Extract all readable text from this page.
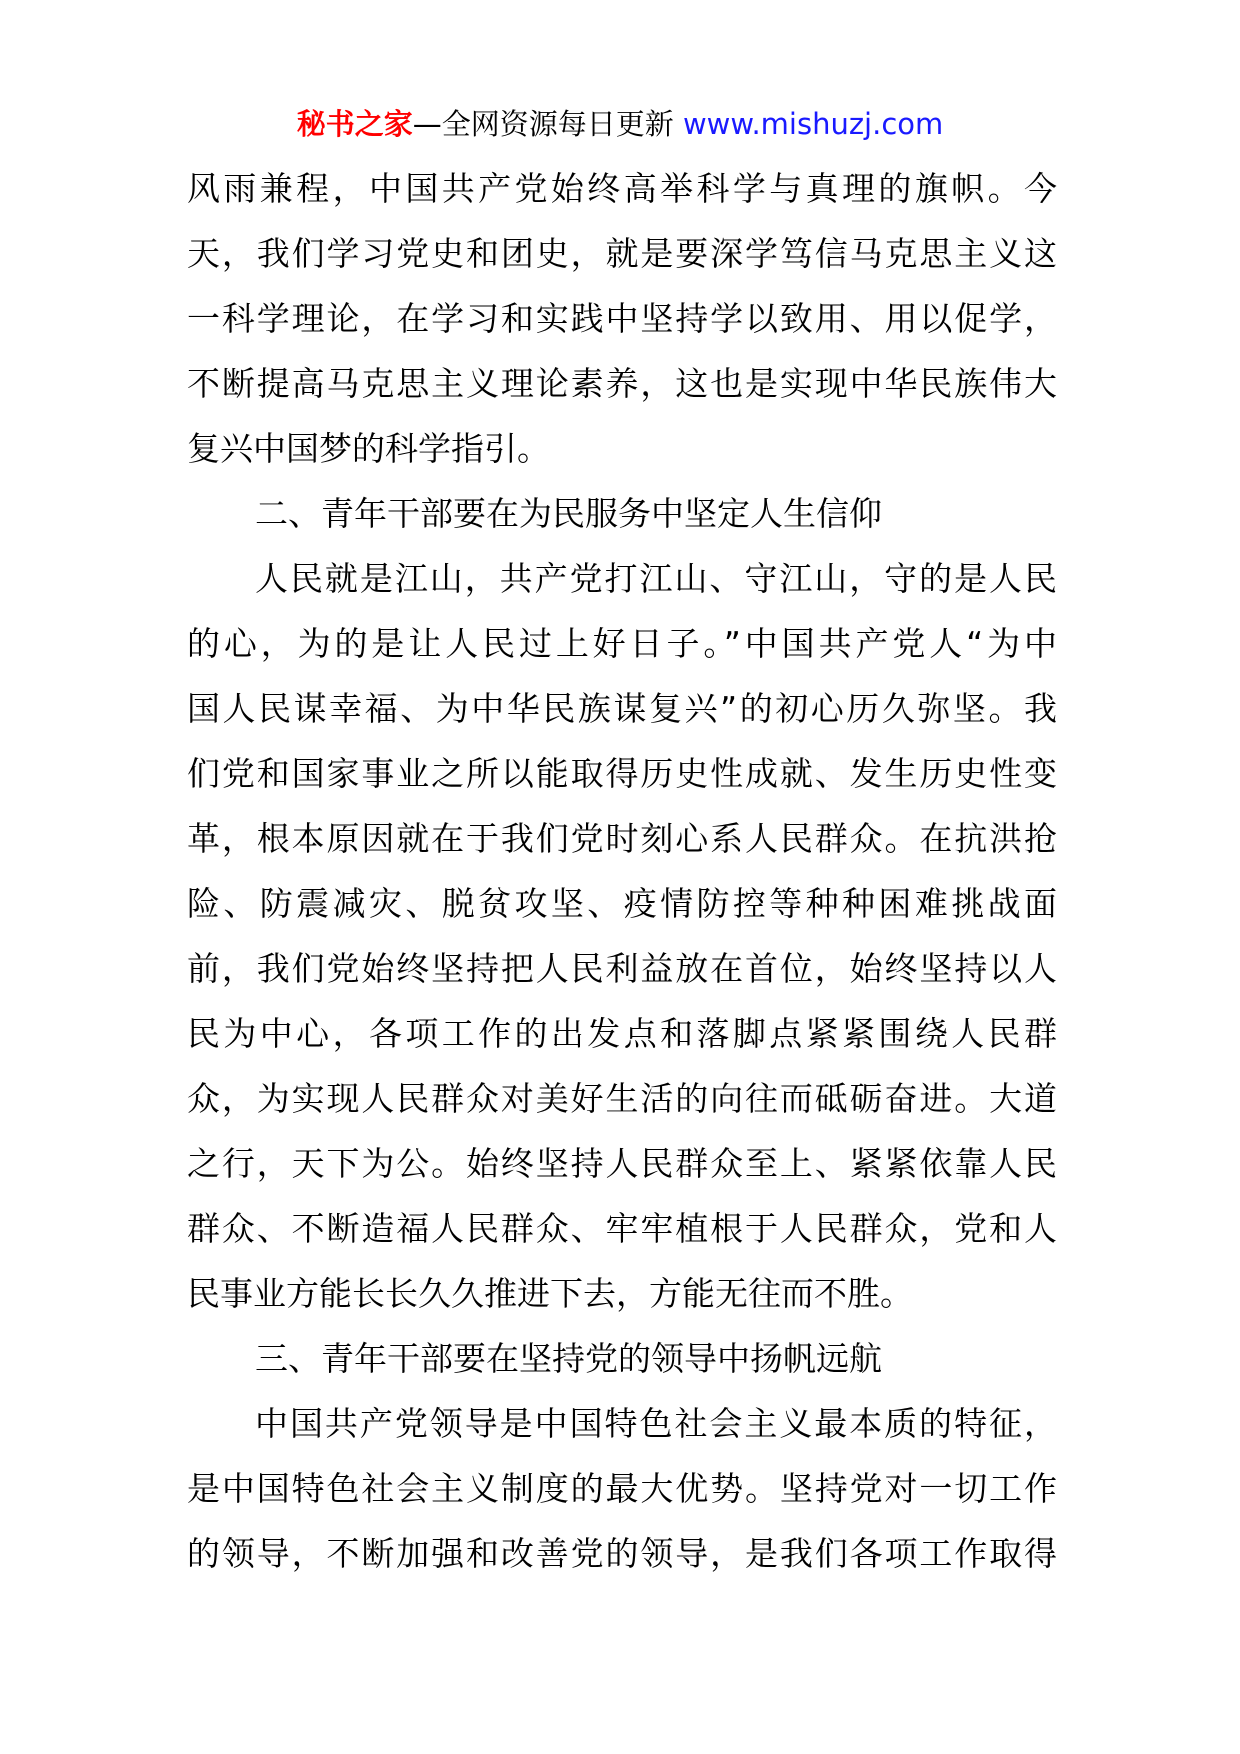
秘书之家—全网资源每日更新 www.mishuzj.com
风雨兼程，中国共产党始终高举科学与真理的旗帜。今
天，我们学习党史和团史，就是要深学笃信马克思主义这
一科学理论，在学习和实践中坚持学以致用、用以促学，
不断提高马克思主义理论素养，这也是实现中华民族伟大
复兴中国梦的科学指引。
二、青年干部要在为民服务中坚定人生信仰
人民就是江山，共产党打江山、守江山，守的是人民
的心，为的是让人民过上好日子。”中国共产党人“为中
国人民谋幸福、为中华民族谋复兴”的初心历久弥坚。我
们党和国家事业之所以能取得历史性成就、发生历史性变
革，根本原因就在于我们党时刻心系人民群众。在抗洪抢
险、防震减灾、脱贫攻坚、疫情防控等种种困难挑战面
前，我们党始终坚持把人民利益放在首位，始终坚持以人
民为中心，各项工作的出发点和落脚点紧紧围绕人民群
众，为实现人民群众对美好生活的向往而砥砺奋进。大道
之行，天下为公。始终坚持人民群众至上、紧紧依靠人民
群众、不断造福人民群众、牢牢植根于人民群众，党和人
民事业方能长长久久推进下去，方能无往而不胜。
三、青年干部要在坚持党的领导中扬帆远航
中国共产党领导是中国特色社会主义最本质的特征，
是中国特色社会主义制度的最大优势。坚持党对一切工作
的领导，不断加强和改善党的领导，是我们各项工作取得
